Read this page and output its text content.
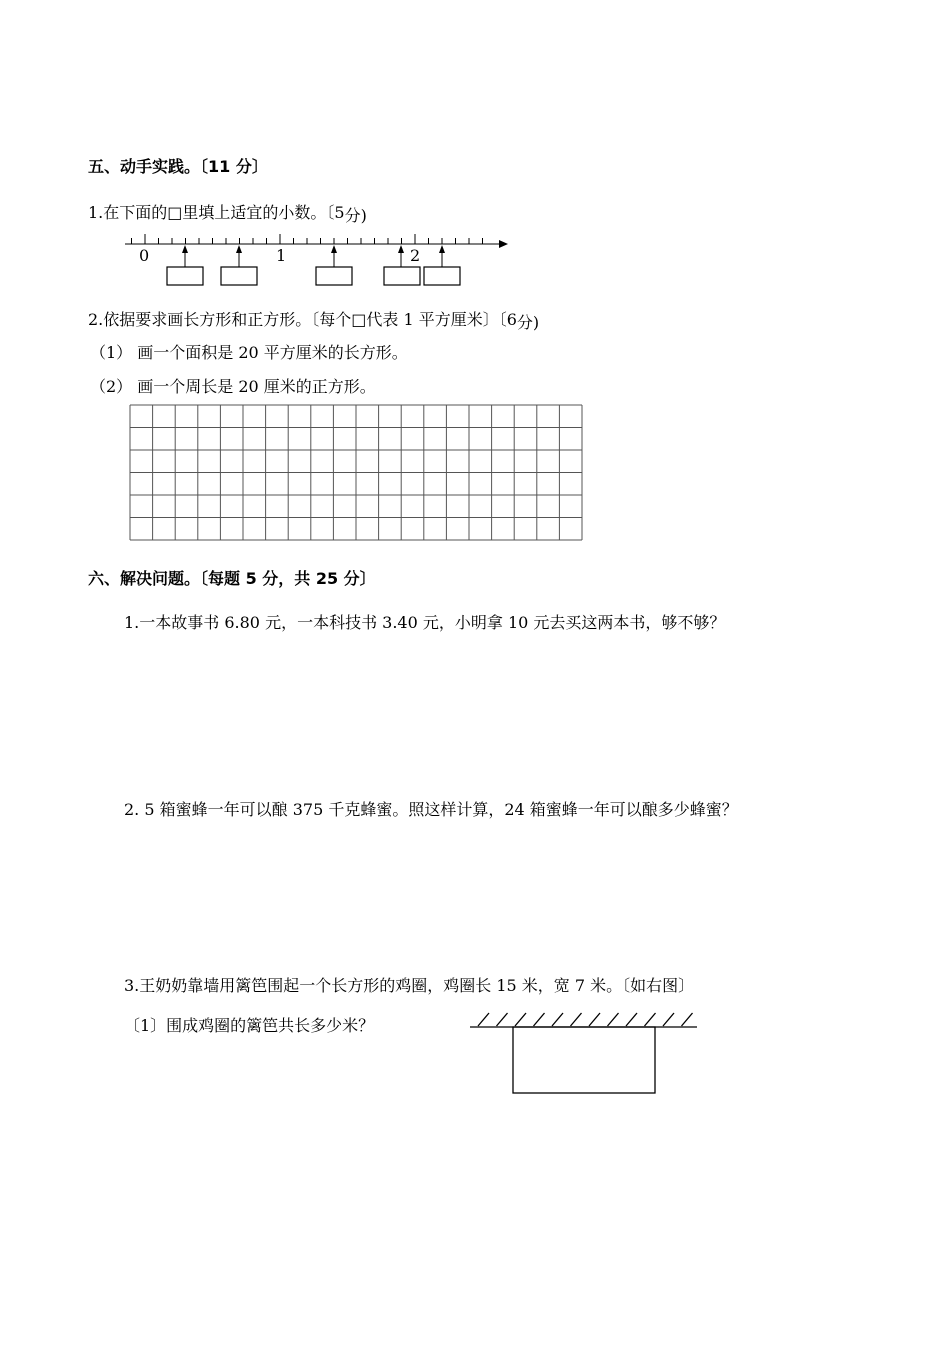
五、动手实践。〔11 分〕
1.在下面的□里填上适宜的小数。〔5分)
0	1	2
2.依据要求画长方形和正方形。〔每个□代表 1 平方厘米〕〔6分)
（1） 画一个面积是 20 平方厘米的长方形。
（2） 画一个周长是 20 厘米的正方形。
六、解决问题。〔每题 5 分，共 25 分〕
1.一本故事书 6.80 元，一本科技书 3.40 元，小明拿 10 元去买这两本书，够不够？
2. 5 箱蜜蜂一年可以酿 375 千克蜂蜜。照这样计算，24 箱蜜蜂一年可以酿多少蜂蜜？
3.王奶奶靠墙用篱笆围起一个长方形的鸡圈，鸡圈长 15 米，宽 7 米。〔如右图〕
〔1〕围成鸡圈的篱笆共长多少米？
